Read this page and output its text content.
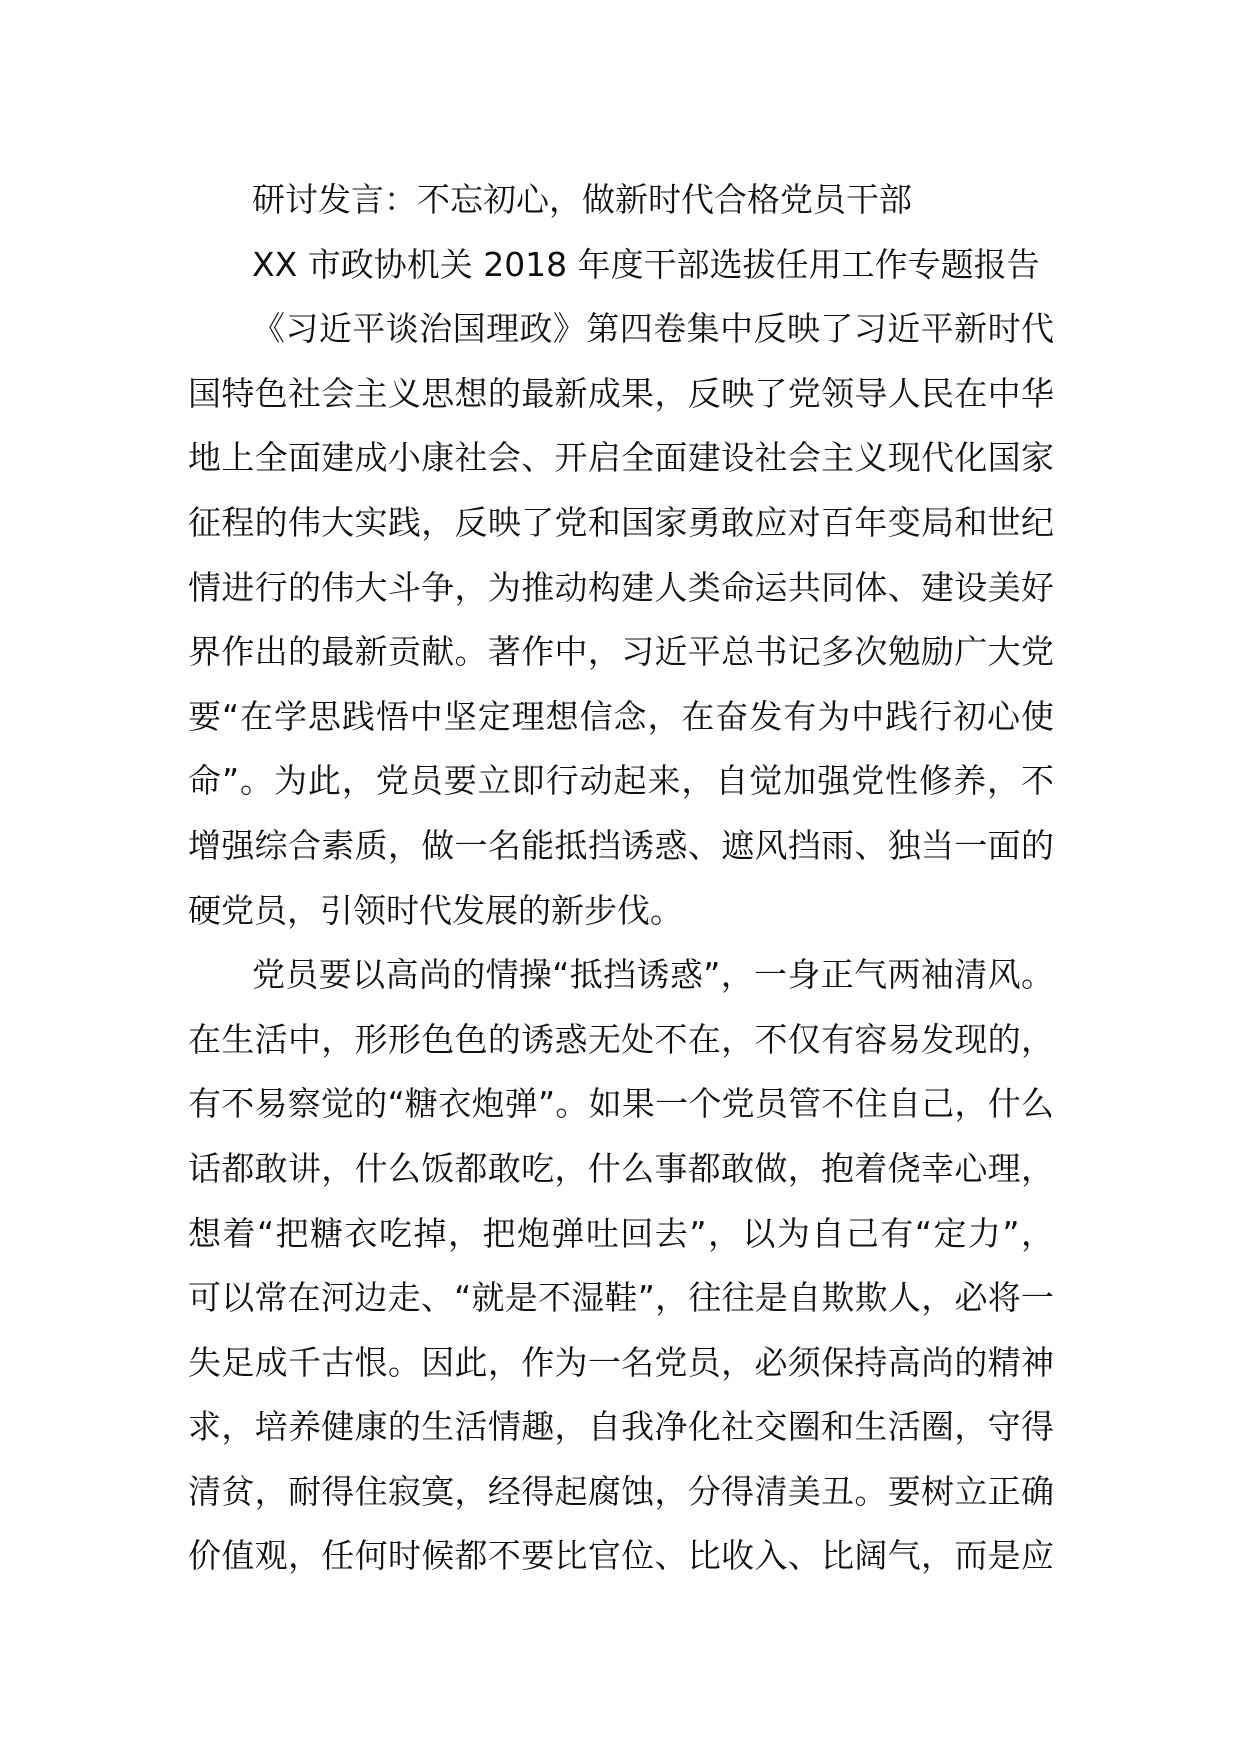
研讨发言：不忘初心，做新时代合格党员干部
XX 市政协机关 2018 年度干部选拔任用工作专题报告
《习近平谈治国理政》第四卷集中反映了习近平新时代
国特色社会主义思想的最新成果，反映了党领导人民在中华
地上全面建成小康社会、开启全面建设社会主义现代化国家
征程的伟大实践，反映了党和国家勇敢应对百年变局和世纪
情进行的伟大斗争，为推动构建人类命运共同体、建设美好
界作出的最新贡献。著作中，习近平总书记多次勉励广大党
要“在学思践悟中坚定理想信念，在奋发有为中践行初心使
命”。为此，党员要立即行动起来，自觉加强党性修养，不
增强综合素质，做一名能抵挡诱惑、遮风挡雨、独当一面的
硬党员，引领时代发展的新步伐。
党员要以高尚的情操“抵挡诱惑”，一身正气两袖清风。
在生活中，形形色色的诱惑无处不在，不仅有容易发现的，
有不易察觉的“糖衣炮弹”。如果一个党员管不住自己，什么
话都敢讲，什么饭都敢吃，什么事都敢做，抱着侥幸心理，
想着“把糖衣吃掉，把炮弹吐回去”，以为自己有“定力”，
可以常在河边走、“就是不湿鞋”，往往是自欺欺人，必将一
失足成千古恨。因此，作为一名党员，必须保持高尚的精神
求，培养健康的生活情趣，自我净化社交圈和生活圈，守得
清贫，耐得住寂寞，经得起腐蚀，分得清美丑。要树立正确
价值观，任何时候都不要比官位、比收入、比阔气，而是应
